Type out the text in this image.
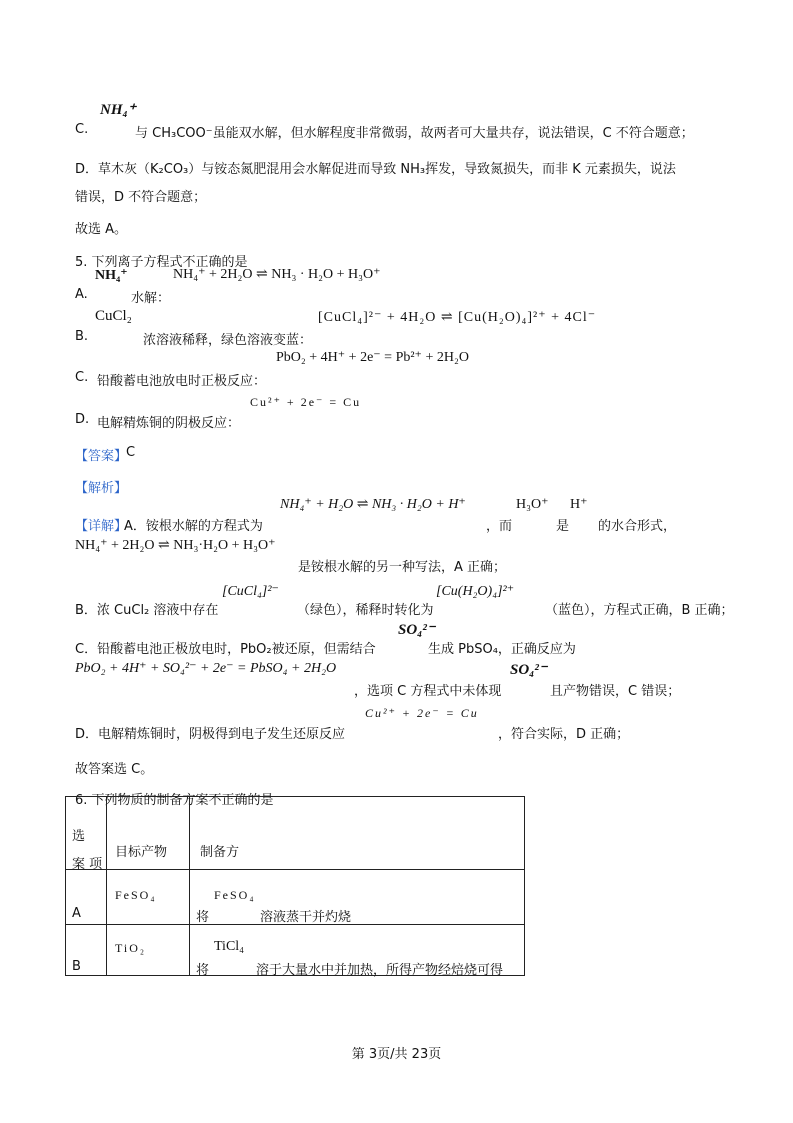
NH₄⁺
C.	与 CH₃COO⁻虽能双水解，但水解程度非常微弱，故两者可大量共存，说法错误，C 不符合题意；
D．草木灰（K₂CO₃）与铵态氮肥混用会水解促进而导致 NH₃挥发，导致氮损失，而非 K 元素损失，说法
错误，D 不符合题意；
故选 A。
5. 下列离子方程式不正确的是
NH₄⁺	NH₄⁺ + 2H₂O ⇌ NH₃ · H₂O + H₃O⁺
A.	水解：
CuCl₂	[CuCl₄]²⁻ + 4H₂O ⇌ [Cu(H₂O)₄]²⁺ + 4Cl⁻
B.	浓溶液稀释，绿色溶液变蓝：
PbO₂ + 4H⁺ + 2e⁻ = Pb²⁺ + 2H₂O
C. 铅酸蓄电池放电时正极反应：
Cu²⁺ + 2e⁻ = Cu
D. 电解精炼铜的阴极反应：
【答案】
C
【解析】
NH₄⁺ + H₂O ⇌ NH₃ · H₂O + H⁺	H₃O⁺ H⁺
【详解】
A．铵根水解的方程式为	，而	是 的水合形式，
NH₄⁺ + 2H₂O ⇌ NH₃·H₂O + H₃O⁺
是铵根水解的另一种写法，A 正确；
[CuCl₄]²⁻	[Cu(H₂O)₄]²⁺
B．浓 CuCl₂ 溶液中存在	（绿色），稀释时转化为	（蓝色），方程式正确，B 正确；
SO₄²⁻
C．铅酸蓄电池正极放电时，PbO₂被还原，但需结合	生成 PbSO₄，正确反应为
PbO₂ + 4H⁺ + SO₄²⁻ + 2e⁻ = PbSO₄ + 2H₂O	SO₄²⁻
，选项 C 方程式中未体现	且产物错误，C 错误；
Cu²⁺ + 2e⁻ = Cu
D．电解精炼铜时，阴极得到电子发生还原反应	，符合实际，D 正确；
故答案选 C。
6. 下列物质的制备方案不正确的是
选
案 项	目标产物	制备方

A	FeSO₄	FeSO₄
将 溶液蒸干并灼烧

B	TiO₂	TiCl₄
将 溶于大量水中并加热，所得产物经焙烧可得
第 3页/共 23页
